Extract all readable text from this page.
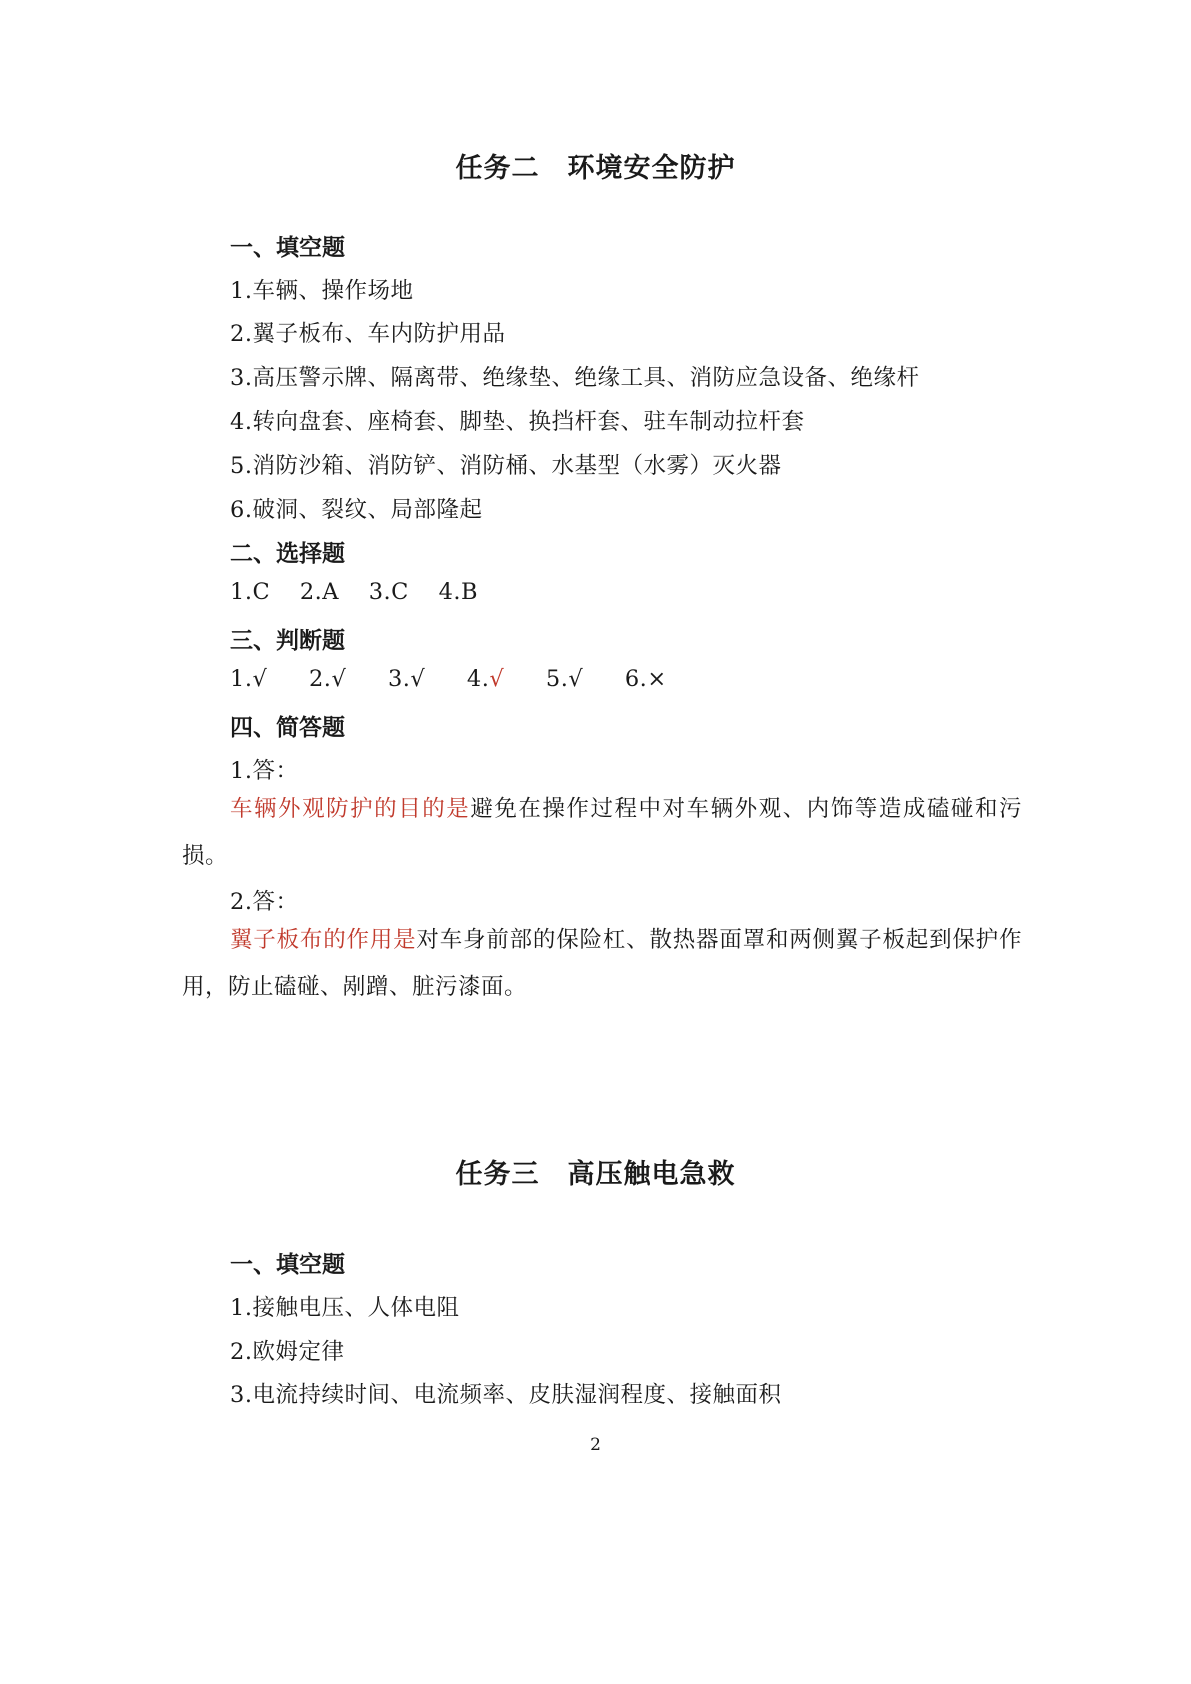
任务二　环境安全防护
一、填空题
1.车辆、操作场地
2.翼子板布、车内防护用品
3.高压警示牌、隔离带、绝缘垫、绝缘工具、消防应急设备、绝缘杆
4.转向盘套、座椅套、脚垫、换挡杆套、驻车制动拉杆套
5.消防沙箱、消防铲、消防桶、水基型（水雾）灭火器
6.破洞、裂纹、局部隆起
二、选择题
1.C 2.A 3.C 4.B
三、判断题
1.√ 2.√ 3.√ 4.√ 5.√ 6.×
四、简答题
1.答：
车辆外观防护的目的是避免在操作过程中对车辆外观、内饰等造成磕碰和污损。
2.答：
翼子板布的作用是对车身前部的保险杠、散热器面罩和两侧翼子板起到保护作用，防止磕碰、剐蹭、脏污漆面。
任务三　高压触电急救
一、填空题
1.接触电压、人体电阻
2.欧姆定律
3.电流持续时间、电流频率、皮肤湿润程度、接触面积
2
